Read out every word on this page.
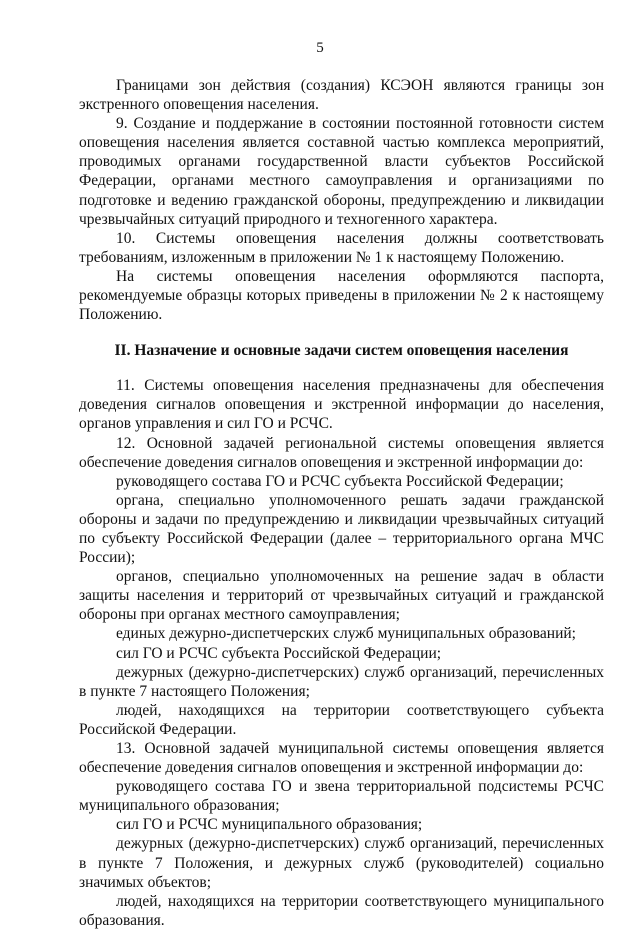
5

Границами зон действия (создания) КСЭОН являются границы зон экстренного оповещения населения.

9. Создание и поддержание в состоянии постоянной готовности систем оповещения населения является составной частью комплекса мероприятий, проводимых органами государственной власти субъектов Российской Федерации, органами местного самоуправления и организациями по подготовке и ведению гражданской обороны, предупреждению и ликвидации чрезвычайных ситуаций природного и техногенного характера.

10. Системы оповещения населения должны соответствовать требованиям, изложенным в приложении № 1 к настоящему Положению.

На системы оповещения населения оформляются паспорта, рекомендуемые образцы которых приведены в приложении № 2 к настоящему Положению.

II. Назначение и основные задачи систем оповещения населения

11. Системы оповещения населения предназначены для обеспечения доведения сигналов оповещения и экстренной информации до населения, органов управления и сил ГО и РСЧС.

12. Основной задачей региональной системы оповещения является обеспечение доведения сигналов оповещения и экстренной информации до:

руководящего состава ГО и РСЧС субъекта Российской Федерации;

органа, специально уполномоченного решать задачи гражданской обороны и задачи по предупреждению и ликвидации чрезвычайных ситуаций по субъекту Российской Федерации (далее – территориального органа МЧС России);

органов, специально уполномоченных на решение задач в области защиты населения и территорий от чрезвычайных ситуаций и гражданской обороны при органах местного самоуправления;

единых дежурно-диспетчерских служб муниципальных образований;

сил ГО и РСЧС субъекта Российской Федерации;

дежурных (дежурно-диспетчерских) служб организаций, перечисленных в пункте 7 настоящего Положения;

людей, находящихся на территории соответствующего субъекта Российской Федерации.

13. Основной задачей муниципальной системы оповещения является обеспечение доведения сигналов оповещения и экстренной информации до:

руководящего состава ГО и звена территориальной подсистемы РСЧС муниципального образования;

сил ГО и РСЧС муниципального образования;

дежурных (дежурно-диспетчерских) служб организаций, перечисленных в пункте 7 Положения, и дежурных служб (руководителей) социально значимых объектов;

людей, находящихся на территории соответствующего муниципального образования.
